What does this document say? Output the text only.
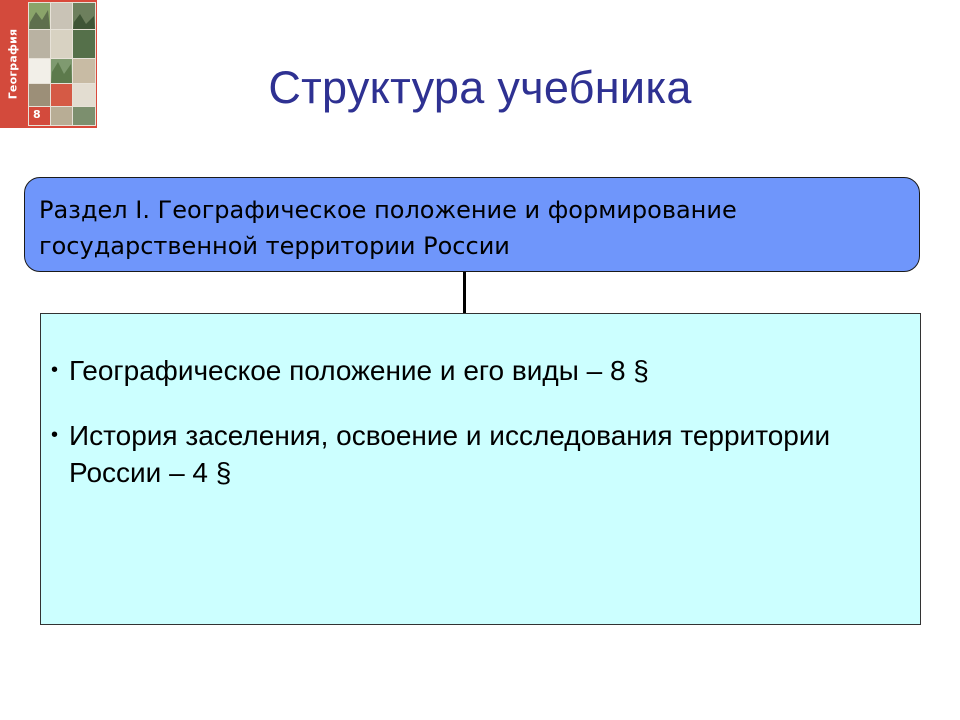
География
8
Структура учебника

Раздел I. Географическое положение и формирование
государственной территории России

• Географическое положение и его виды – 8 §
• История заселения, освоение и исследования территории России – 4 §
